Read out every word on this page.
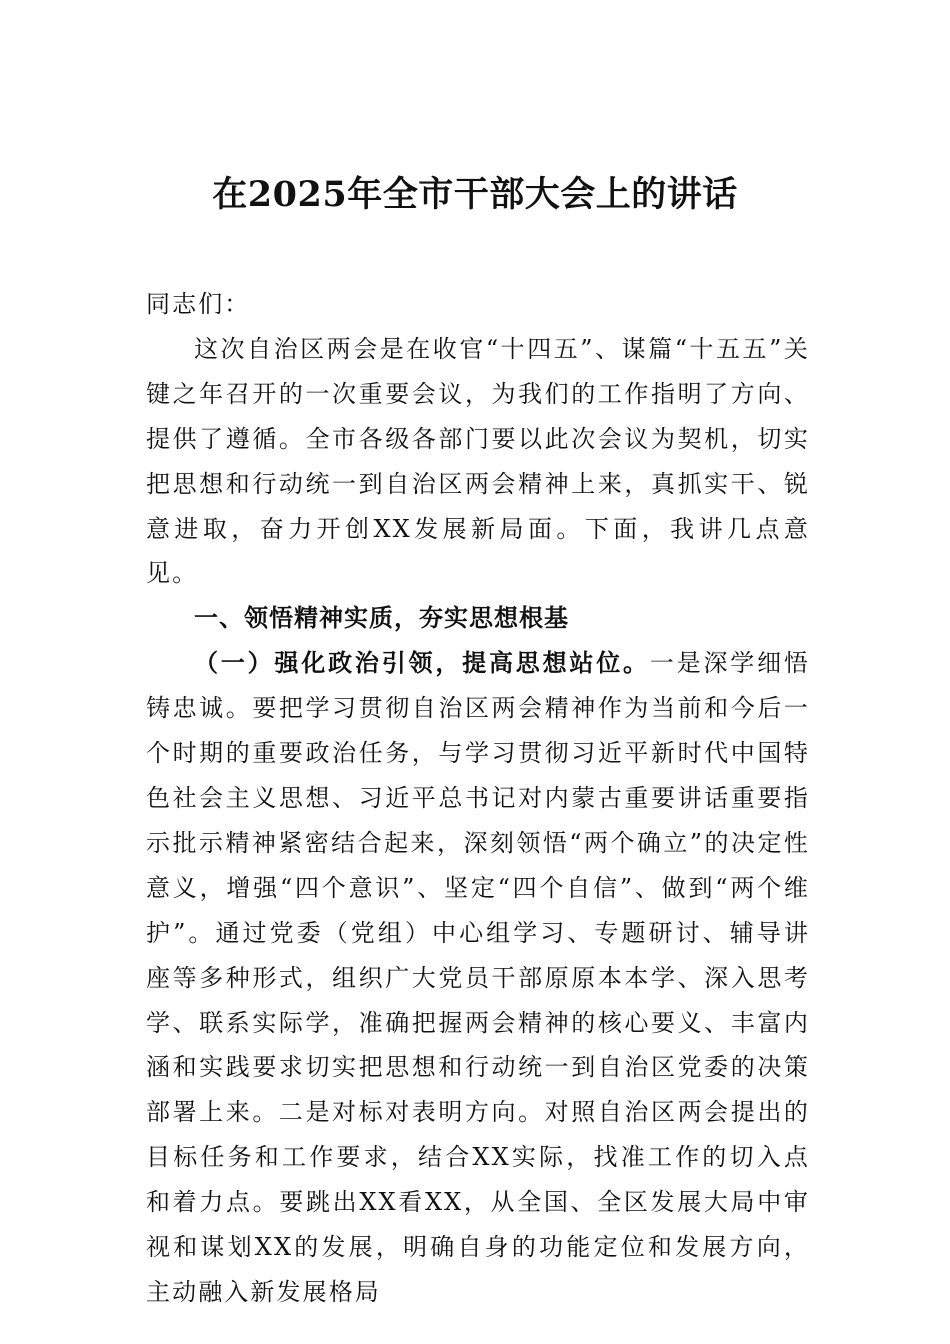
在2025年全市干部大会上的讲话

同志们：

这次自治区两会是在收官“十四五”、谋篇“十五五”关键之年召开的一次重要会议，为我们的工作指明了方向、提供了遵循。全市各级各部门要以此次会议为契机，切实把思想和行动统一到自治区两会精神上来，真抓实干、锐意进取，奋力开创XX发展新局面。下面，我讲几点意见。

一、领悟精神实质，夯实思想根基

（一）强化政治引领，提高思想站位。一是深学细悟铸忠诚。要把学习贯彻自治区两会精神作为当前和今后一个时期的重要政治任务，与学习贯彻习近平新时代中国特色社会主义思想、习近平总书记对内蒙古重要讲话重要指示批示精神紧密结合起来，深刻领悟“两个确立”的决定性意义，增强“四个意识”、坚定“四个自信”、做到“两个维护”。通过党委（党组）中心组学习、专题研讨、辅导讲座等多种形式，组织广大党员干部原原本本学、深入思考学、联系实际学，准确把握两会精神的核心要义、丰富内涵和实践要求切实把思想和行动统一到自治区党委的决策部署上来。二是对标对表明方向。对照自治区两会提出的目标任务和工作要求，结合XX实际，找准工作的切入点和着力点。要跳出XX看XX，从全国、全区发展大局中审视和谋划XX的发展，明确自身的功能定位和发展方向，主动融入新发展格局
